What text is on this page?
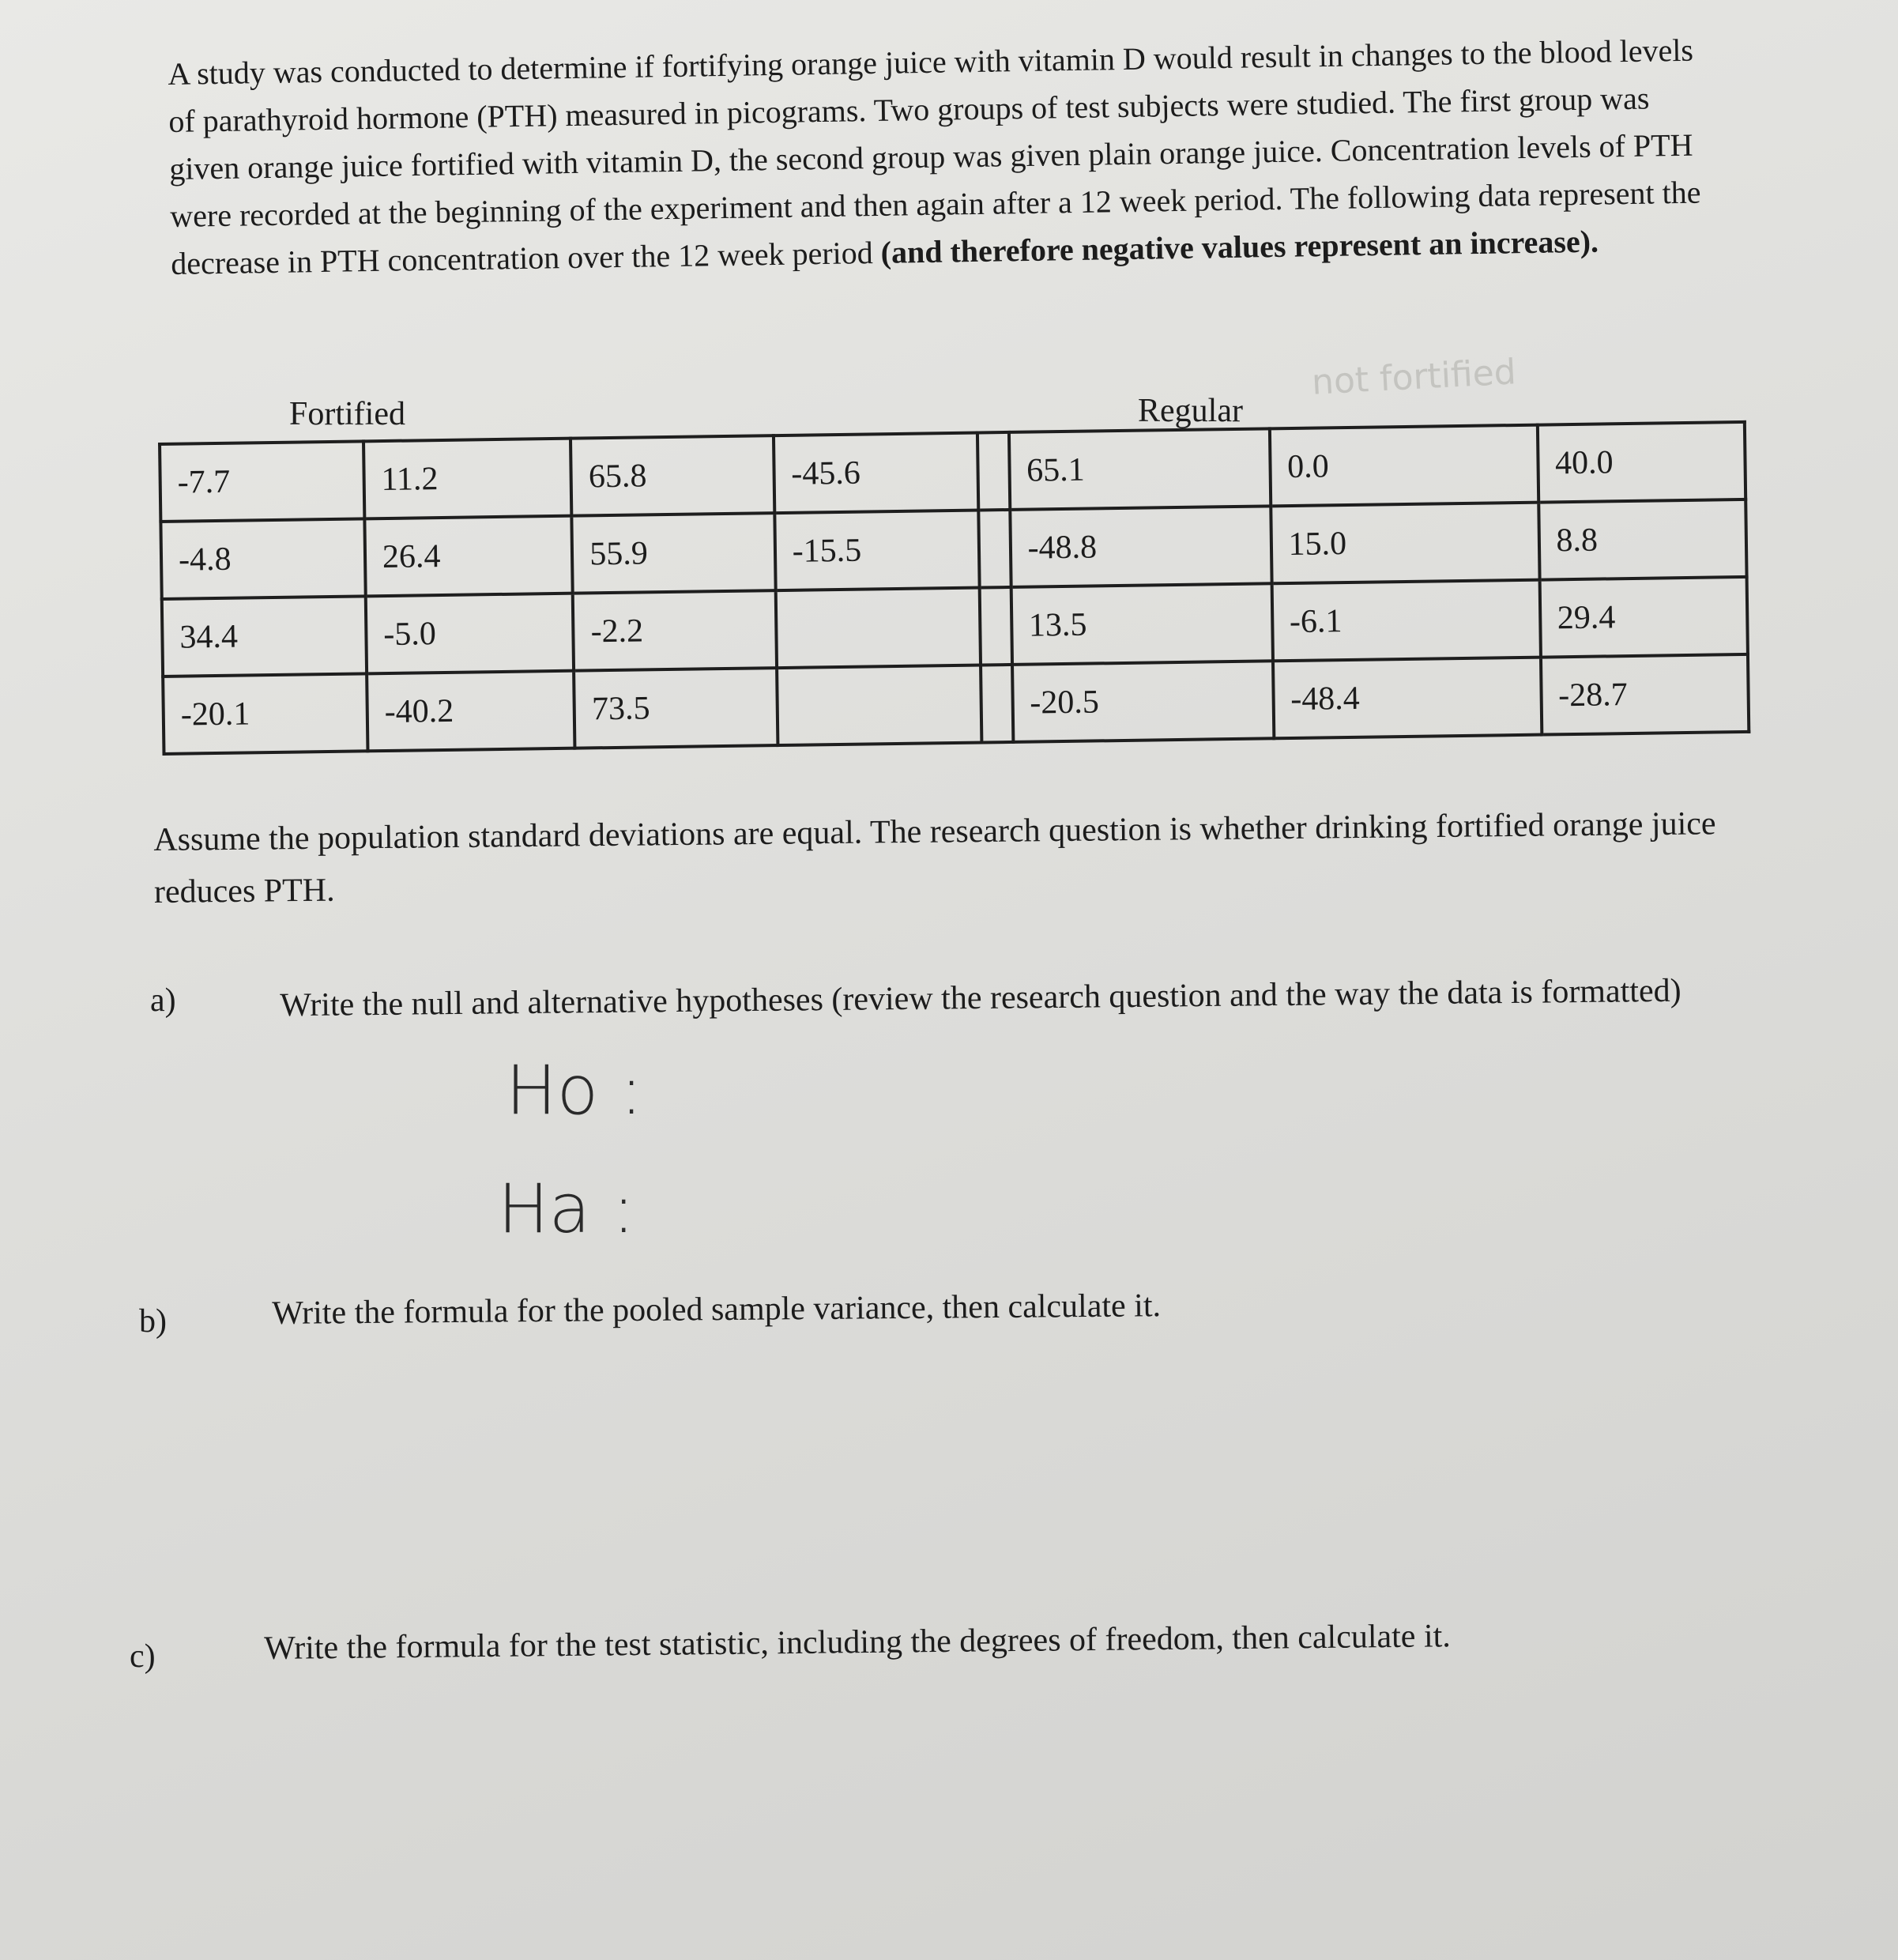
A study was conducted to determine if fortifying orange juice with vitamin D would result in changes to the blood levels of parathyroid hormone (PTH) measured in picograms. Two groups of test subjects were studied. The first group was given orange juice fortified with vitamin D, the second group was given plain orange juice. Concentration levels of PTH were recorded at the beginning of the experiment and then again after a 12 week period. The following data represent the decrease in PTH concentration over the 12 week period (and therefore negative values represent an increase).
Fortified	Regular
not fortified
-7.7	11.2	65.8	-45.6		65.1	0.0	40.0
-4.8	26.4	55.9	-15.5		-48.8	15.0	8.8
34.4	-5.0	-2.2			13.5	-6.1	29.4
-20.1	-40.2	73.5			-20.5	-48.4	-28.7
Assume the population standard deviations are equal. The research question is whether drinking fortified orange juice reduces PTH.
a)	Write the null and alternative hypotheses (review the research question and the way the data is formatted)
Ho :
Ha :
b)	Write the formula for the pooled sample variance, then calculate it.
c)	Write the formula for the test statistic, including the degrees of freedom, then calculate it.
